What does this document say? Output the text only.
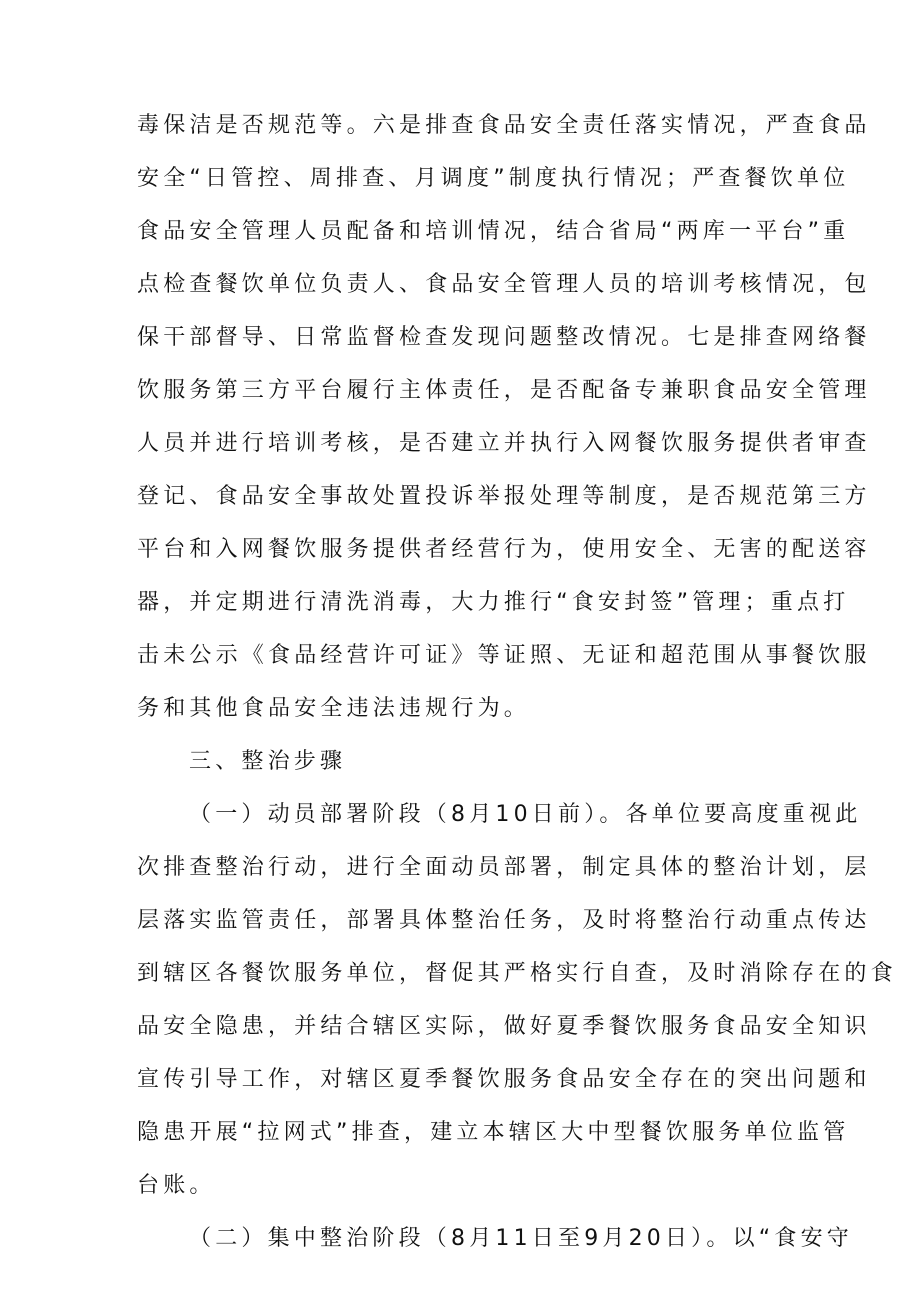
毒保洁是否规范等。六是排查食品安全责任落实情况，严查食品

安全“日管控、周排查、月调度”制度执行情况；严查餐饮单位

食品安全管理人员配备和培训情况，结合省局“两库一平台”重

点检查餐饮单位负责人、食品安全管理人员的培训考核情况，包

保干部督导、日常监督检查发现问题整改情况。七是排查网络餐

饮服务第三方平台履行主体责任，是否配备专兼职食品安全管理

人员并进行培训考核，是否建立并执行入网餐饮服务提供者审查

登记、食品安全事故处置投诉举报处理等制度，是否规范第三方

平台和入网餐饮服务提供者经营行为，使用安全、无害的配送容

器，并定期进行清洗消毒，大力推行“食安封签”管理；重点打

击未公示《食品经营许可证》等证照、无证和超范围从事餐饮服

务和其他食品安全违法违规行为。

三、整治步骤

（一）动员部署阶段（8月10日前）。各单位要高度重视此

次排查整治行动，进行全面动员部署，制定具体的整治计划，层

层落实监管责任，部署具体整治任务，及时将整治行动重点传达

到辖区各餐饮服务单位，督促其严格实行自查，及时消除存在的食

品安全隐患，并结合辖区实际，做好夏季餐饮服务食品安全知识

宣传引导工作，对辖区夏季餐饮服务食品安全存在的突出问题和

隐患开展“拉网式”排查，建立本辖区大中型餐饮服务单位监管

台账。

（二）集中整治阶段（8月11日至9月20日）。以“食安守
